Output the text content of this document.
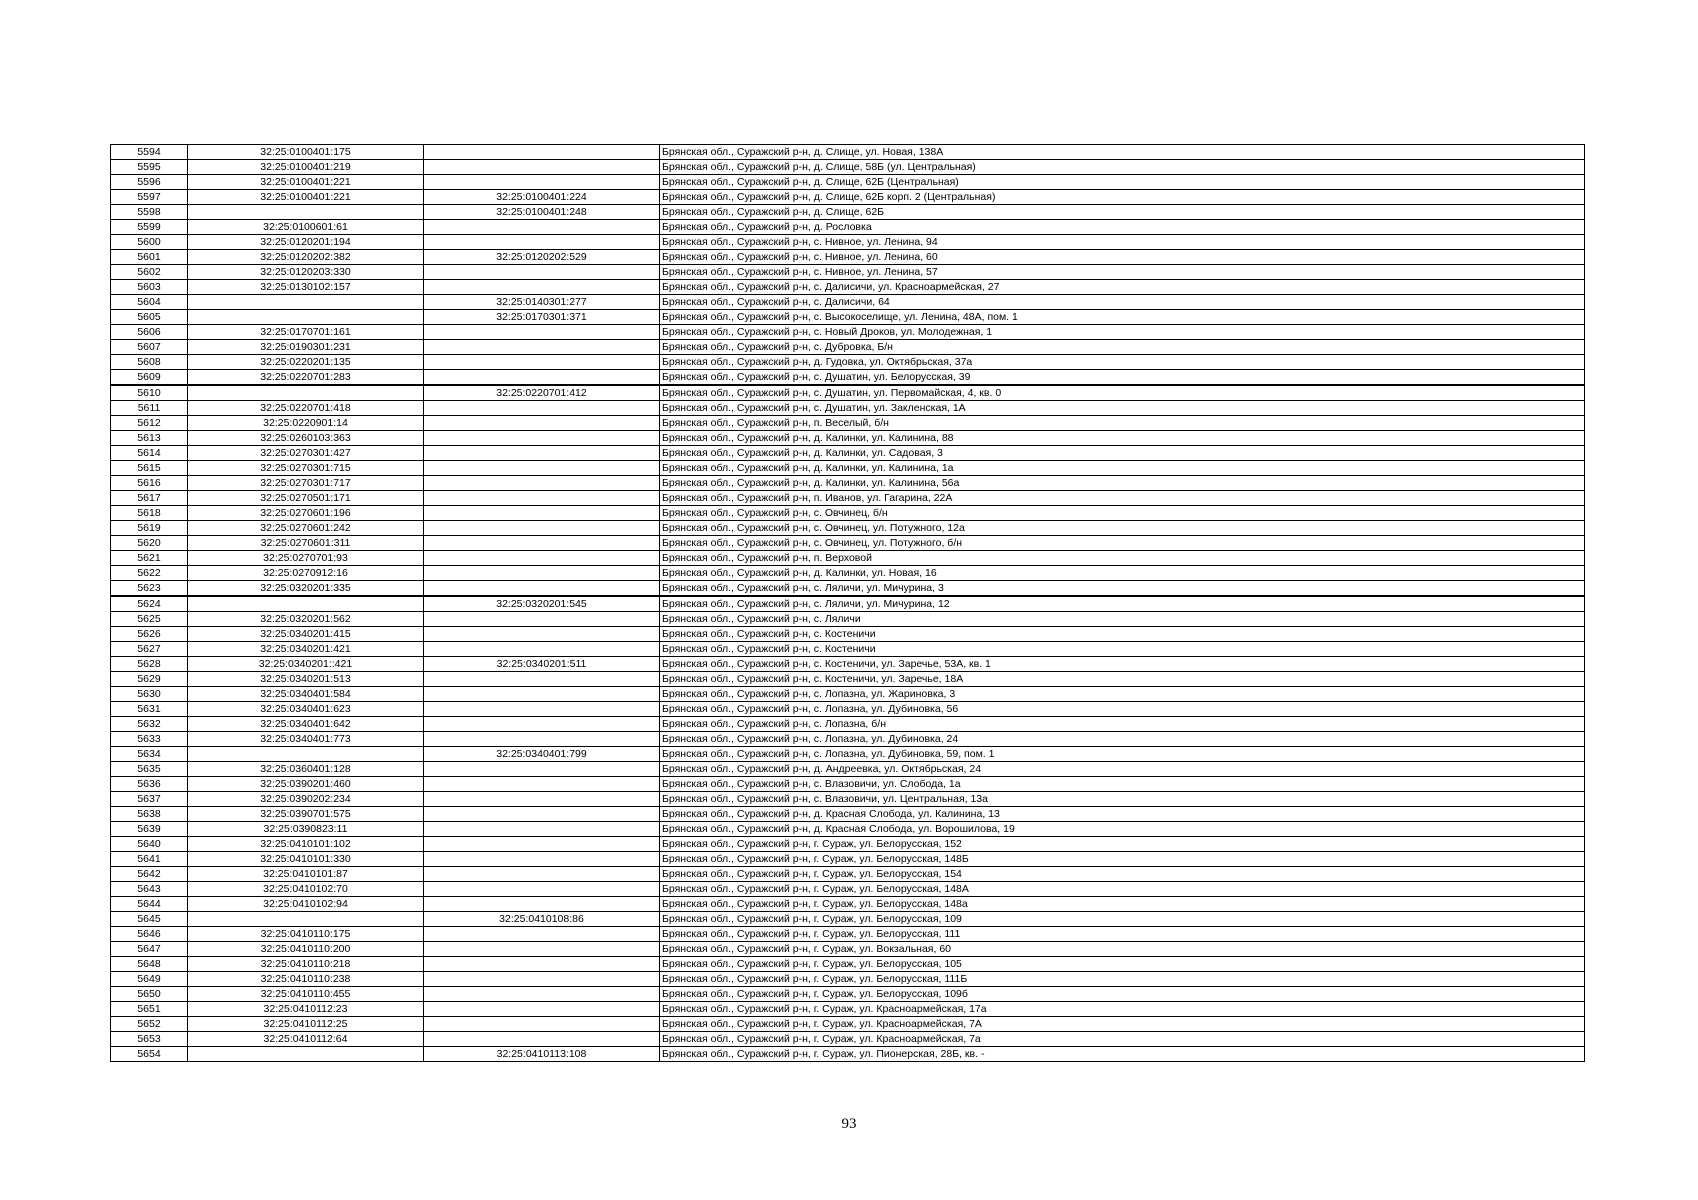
5594	32:25:0100401:175		Брянская обл., Суражский р-н, д. Слище, ул. Новая, 138А
5595	32:25:0100401:219		Брянская обл., Суражский р-н, д. Слище, 58Б (ул. Центральная)
5596	32:25:0100401:221		Брянская обл., Суражский р-н, д. Слище, 62Б (Центральная)
5597	32:25:0100401:221	32:25:0100401:224	Брянская обл., Суражский р-н, д. Слище, 62Б корп. 2 (Центральная)
5598		32:25:0100401:248	Брянская обл., Суражский р-н, д. Слище, 62Б
5599	32:25:0100601:61		Брянская обл., Суражский р-н, д. Рословка
5600	32:25:0120201:194		Брянская обл., Суражский р-н, с. Нивное, ул. Ленина, 94
5601	32:25:0120202:382	32:25:0120202:529	Брянская обл., Суражский р-н, с. Нивное, ул. Ленина, 60
5602	32:25:0120203:330		Брянская обл., Суражский р-н, с. Нивное, ул. Ленина, 57
5603	32:25:0130102:157		Брянская обл., Суражский р-н, с. Далисичи, ул. Красноармейская, 27
5604		32:25:0140301:277	Брянская обл., Суражский р-н, с. Далисичи, 64
5605		32:25:0170301:371	Брянская обл., Суражский р-н, с. Высокоселище, ул. Ленина, 48А, пом. 1
5606	32:25:0170701:161		Брянская обл., Суражский р-н, с. Новый Дроков, ул. Молодежная, 1
5607	32:25:0190301:231		Брянская обл., Суражский р-н, с. Дубровка, Б/н
5608	32:25:0220201:135		Брянская обл., Суражский р-н, д. Гудовка, ул. Октябрьская, 37а
5609	32:25:0220701:283		Брянская обл., Суражский р-н, с. Душатин, ул. Белорусская, 39
5610		32:25:0220701:412	Брянская обл., Суражский р-н, с. Душатин, ул. Первомайская, 4, кв. 0
5611	32:25:0220701:418		Брянская обл., Суражский р-н, с. Душатин, ул. Закленская, 1А
5612	32:25:0220901:14		Брянская обл., Суражский р-н, п. Веселый, б/н
5613	32:25:0260103:363		Брянская обл., Суражский р-н, д. Калинки, ул. Калинина, 88
5614	32:25:0270301:427		Брянская обл., Суражский р-н, д. Калинки, ул. Садовая, 3
5615	32:25:0270301:715		Брянская обл., Суражский р-н, д. Калинки, ул. Калинина, 1а
5616	32:25:0270301:717		Брянская обл., Суражский р-н, д. Калинки, ул. Калинина, 56а
5617	32:25:0270501:171		Брянская обл., Суражский р-н, п. Иванов, ул. Гагарина, 22А
5618	32:25:0270601:196		Брянская обл., Суражский р-н, с. Овчинец, б/н
5619	32:25:0270601:242		Брянская обл., Суражский р-н, с. Овчинец, ул. Потужного, 12а
5620	32:25:0270601:311		Брянская обл., Суражский р-н, с. Овчинец, ул. Потужного, б/н
5621	32:25:0270701:93		Брянская обл., Суражский р-н, п. Верховой
5622	32:25:0270912:16		Брянская обл., Суражский р-н, д. Калинки, ул. Новая, 16
5623	32:25:0320201:335		Брянская обл., Суражский р-н, с. Ляличи, ул. Мичурина, 3
5624		32:25:0320201:545	Брянская обл., Суражский р-н, с. Ляличи, ул. Мичурина, 12
5625	32:25:0320201:562		Брянская обл., Суражский р-н, с. Ляличи
5626	32:25:0340201:415		Брянская обл., Суражский р-н, с. Костеничи
5627	32:25:0340201:421		Брянская обл., Суражский р-н, с. Костеничи
5628	32:25:0340201::421	32:25:0340201:511	Брянская обл., Суражский р-н, с. Костеничи, ул. Заречье, 53А, кв. 1
5629	32:25:0340201:513		Брянская обл., Суражский р-н, с. Костеничи, ул. Заречье, 18А
5630	32:25:0340401:584		Брянская обл., Суражский р-н, с. Лопазна, ул. Жариновка, 3
5631	32:25:0340401:623		Брянская обл., Суражский р-н, с. Лопазна, ул. Дубиновка, 56
5632	32:25:0340401:642		Брянская обл., Суражский р-н, с. Лопазна, б/н
5633	32:25:0340401:773		Брянская обл., Суражский р-н, с. Лопазна, ул. Дубиновка, 24
5634		32:25:0340401:799	Брянская обл., Суражский р-н, с. Лопазна, ул. Дубиновка, 59, пом. 1
5635	32:25:0360401:128		Брянская обл., Суражский р-н, д. Андреевка, ул. Октябрьская, 24
5636	32:25:0390201:460		Брянская обл., Суражский р-н, с. Влазовичи, ул. Слобода, 1а
5637	32:25:0390202:234		Брянская обл., Суражский р-н, с. Влазовичи, ул. Центральная, 13а
5638	32:25:0390701:575		Брянская обл., Суражский р-н, д. Красная Слобода, ул. Калинина, 13
5639	32:25:0390823:11		Брянская обл., Суражский р-н, д. Красная Слобода, ул. Ворошилова, 19
5640	32:25:0410101:102		Брянская обл., Суражский р-н, г. Сураж, ул. Белорусская, 152
5641	32:25:0410101:330		Брянская обл., Суражский р-н, г. Сураж, ул. Белорусская, 148Б
5642	32:25:0410101:87		Брянская обл., Суражский р-н, г. Сураж, ул. Белорусская, 154
5643	32:25:0410102:70		Брянская обл., Суражский р-н, г. Сураж, ул. Белорусская, 148А
5644	32:25:0410102:94		Брянская обл., Суражский р-н, г. Сураж, ул. Белорусская, 148а
5645		32:25:0410108:86	Брянская обл., Суражский р-н, г. Сураж, ул. Белорусская, 109
5646	32:25:0410110:175		Брянская обл., Суражский р-н, г. Сураж, ул. Белорусская, 111
5647	32:25:0410110:200		Брянская обл., Суражский р-н, г. Сураж, ул. Вокзальная, 60
5648	32:25:0410110:218		Брянская обл., Суражский р-н, г. Сураж, ул. Белорусская, 105
5649	32:25:0410110:238		Брянская обл., Суражский р-н, г. Сураж, ул. Белорусская, 111Б
5650	32:25:0410110:455		Брянская обл., Суражский р-н, г. Сураж, ул. Белорусская, 109б
5651	32:25:0410112:23		Брянская обл., Суражский р-н, г. Сураж, ул. Красноармейская, 17а
5652	32:25:0410112:25		Брянская обл., Суражский р-н, г. Сураж, ул. Красноармейская, 7А
5653	32:25:0410112:64		Брянская обл., Суражский р-н, г. Сураж, ул. Красноармейская, 7а
5654		32:25:0410113:108	Брянская обл., Суражский р-н, г. Сураж, ул. Пионерская, 28Б, кв. -
93
